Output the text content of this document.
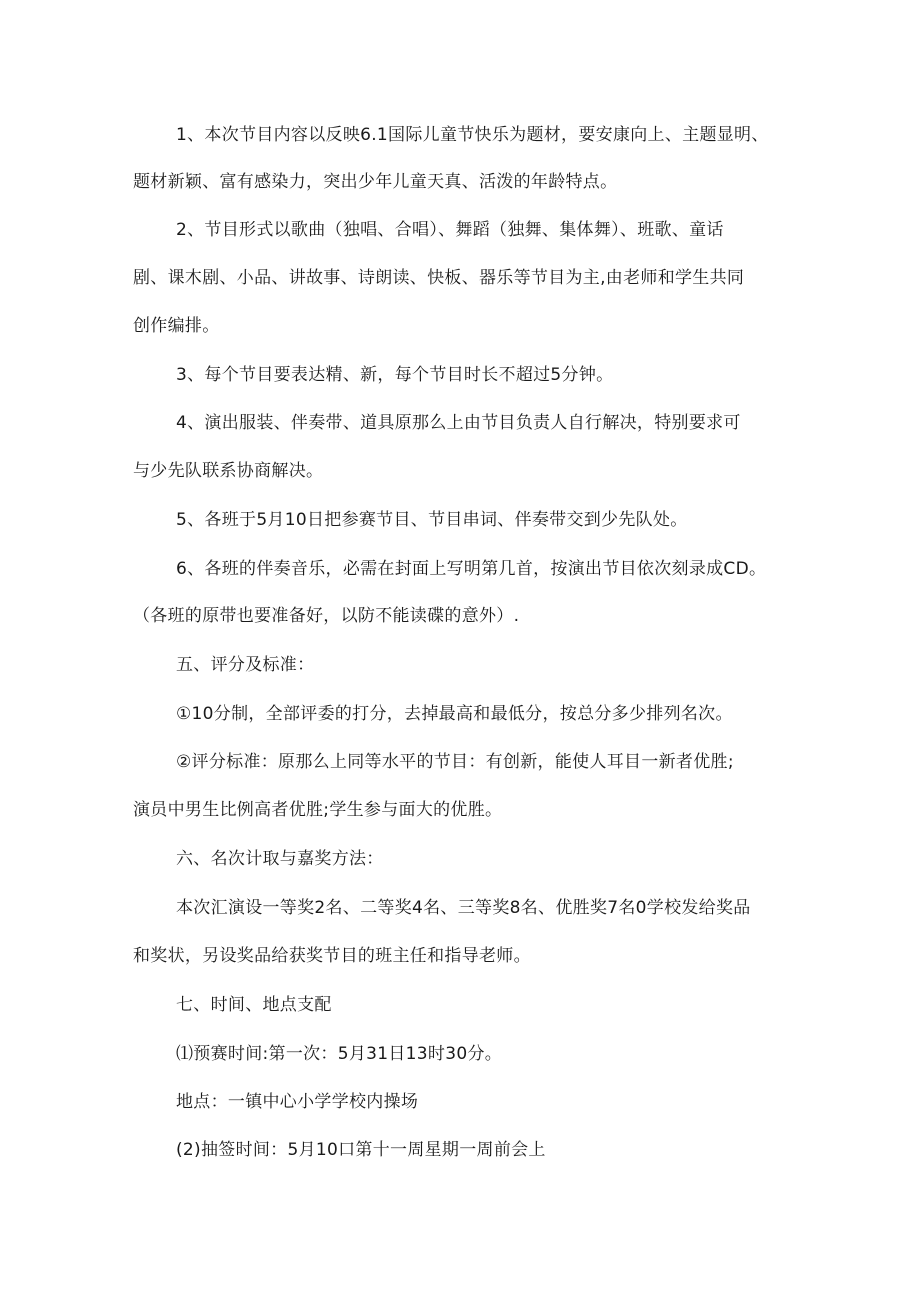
1、本次节目内容以反映6.1国际儿童节快乐为题材，要安康向上、主题显明、
题材新颖、富有感染力，突出少年儿童天真、活泼的年龄特点。
2、节目形式以歌曲（独唱、合唱）、舞蹈（独舞、集体舞）、班歌、童话
剧、课木剧、小品、讲故事、诗朗读、快板、器乐等节目为主,由老师和学生共同
创作编排。
3、每个节目要表达精、新，每个节目时长不超过5分钟。
4、演出服装、伴奏带、道具原那么上由节目负责人自行解决，特别要求可
与少先队联系协商解决。
5、各班于5月10日把参赛节目、节目串词、伴奏带交到少先队处。
6、各班的伴奏音乐，必需在封面上写明第几首，按演出节目依次刻录成CD。
（各班的原带也要准备好，以防不能读碟的意外）.
五、评分及标准：
①10分制，全部评委的打分，去掉最高和最低分，按总分多少排列名次。
②评分标准：原那么上同等水平的节目：有创新，能使人耳目一新者优胜;
演员中男生比例高者优胜;学生参与面大的优胜。
六、名次计取与嘉奖方法：
本次汇演设一等奖2名、二等奖4名、三等奖8名、优胜奖7名0学校发给奖品
和奖状，另设奖品给获奖节目的班主任和指导老师。
七、时间、地点支配
⑴预赛时间:第一次：5月31日13时30分。
地点：一镇中心小学学校内操场
(2)抽签时间：5月10口第十一周星期一周前会上
